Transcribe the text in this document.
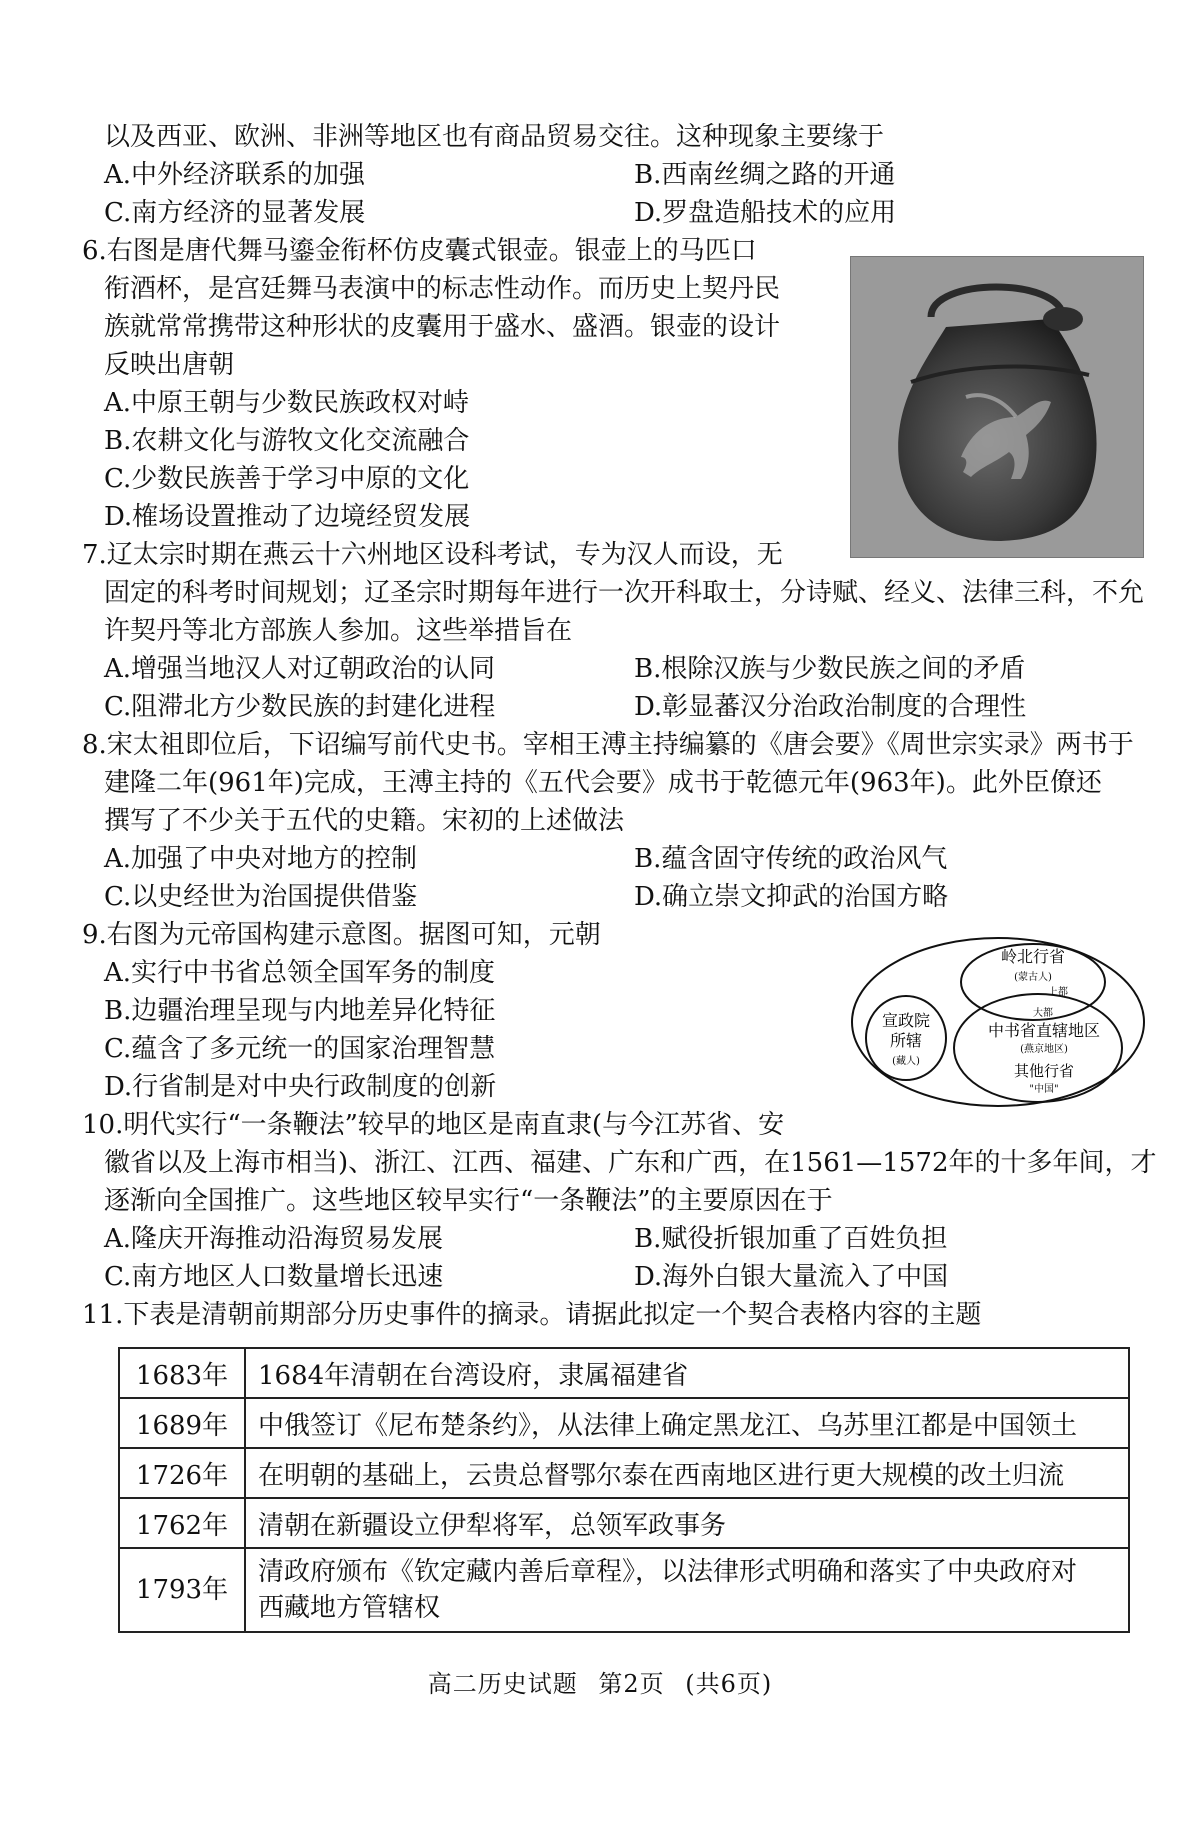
以及西亚、欧洲、非洲等地区也有商品贸易交往。这种现象主要缘于
A.中外经济联系的加强	B.西南丝绸之路的开通
C.南方经济的显著发展	D.罗盘造船技术的应用
6.右图是唐代舞马鎏金衔杯仿皮囊式银壶。银壶上的马匹口
衔酒杯，是宫廷舞马表演中的标志性动作。而历史上契丹民
族就常常携带这种形状的皮囊用于盛水、盛酒。银壶的设计
反映出唐朝
A.中原王朝与少数民族政权对峙
B.农耕文化与游牧文化交流融合
C.少数民族善于学习中原的文化
D.榷场设置推动了边境经贸发展
7.辽太宗时期在燕云十六州地区设科考试，专为汉人而设，无
固定的科考时间规划；辽圣宗时期每年进行一次开科取士，分诗赋、经义、法律三科，不允
许契丹等北方部族人参加。这些举措旨在
A.增强当地汉人对辽朝政治的认同	B.根除汉族与少数民族之间的矛盾
C.阻滞北方少数民族的封建化进程	D.彰显蕃汉分治政治制度的合理性
8.宋太祖即位后，下诏编写前代史书。宰相王溥主持编纂的《唐会要》《周世宗实录》两书于
建隆二年(961年)完成，王溥主持的《五代会要》成书于乾德元年(963年)。此外臣僚还
撰写了不少关于五代的史籍。宋初的上述做法
A.加强了中央对地方的控制	B.蕴含固守传统的政治风气
C.以史经世为治国提供借鉴	D.确立崇文抑武的治国方略
9.右图为元帝国构建示意图。据图可知，元朝
A.实行中书省总领全国军务的制度
B.边疆治理呈现与内地差异化特征
C.蕴含了多元统一的国家治理智慧
D.行省制是对中央行政制度的创新
10.明代实行“一条鞭法”较早的地区是南直隶(与今江苏省、安
徽省以及上海市相当)、浙江、江西、福建、广东和广西，在1561—1572年的十多年间，才
逐渐向全国推广。这些地区较早实行“一条鞭法”的主要原因在于
A.隆庆开海推动沿海贸易发展	B.赋役折银加重了百姓负担
C.南方地区人口数量增长迅速	D.海外白银大量流入了中国
11.下表是清朝前期部分历史事件的摘录。请据此拟定一个契合表格内容的主题
岭北行省
(蒙古人)
上都
大都
中书省直辖地区
(燕京地区)
宣政院
所辖
(藏人)
其他行省
"中国"
1683年	1684年清朝在台湾设府，隶属福建省
1689年	中俄签订《尼布楚条约》，从法律上确定黑龙江、乌苏里江都是中国领土
1726年	在明朝的基础上，云贵总督鄂尔泰在西南地区进行更大规模的改土归流
1762年	清朝在新疆设立伊犁将军，总领军政事务
1793年	清政府颁布《钦定藏内善后章程》，以法律形式明确和落实了中央政府对
西藏地方管辖权
高二历史试题 第2页 (共6页)
